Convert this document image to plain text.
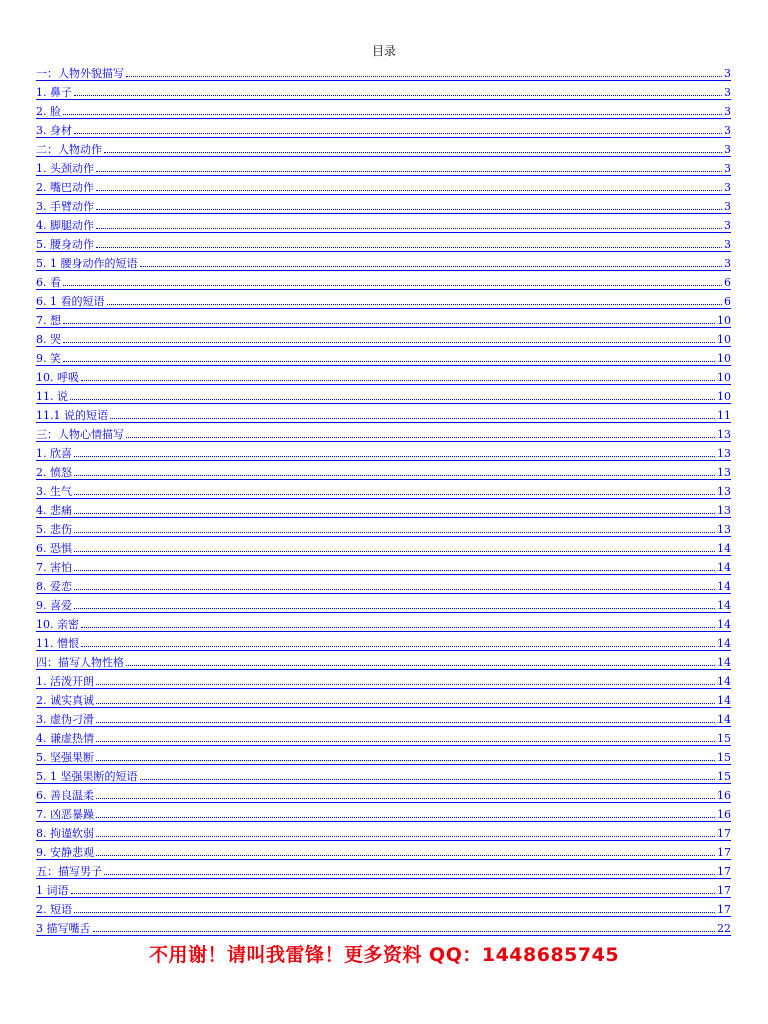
目录
一：人物外貌描写	3
1. 鼻子	3
2. 脸	3
3. 身材	3
二：人物动作	3
1. 头颈动作	3
2. 嘴巴动作	3
3. 手臂动作	3
4. 脚腿动作	3
5. 腰身动作	3
5. 1 腰身动作的短语	3
6. 看	6
6. 1 看的短语	6
7. 想	10
8. 哭	10
9. 笑	10
10. 呼吸	10
11. 说	10
11.1 说的短语	11
三：人物心情描写	13
1. 欣喜	13
2. 愤怒	13
3. 生气	13
4. 悲痛	13
5. 悲伤	13
6. 恐惧	14
7. 害怕	14
8. 爱恋	14
9. 喜爱	14
10. 亲密	14
11. 憎恨	14
四：描写人物性格	14
1. 活泼开朗	14
2. 诚实真诚	14
3. 虚伪刁滑	14
4. 谦虚热情	15
5. 坚强果断	15
5. 1 坚强果断的短语	15
6. 善良温柔	16
7. 凶恶暴躁	16
8. 拘谨软弱	17
9. 安静悲观	17
五：描写男子	17
1 词语	17
2. 短语	17
3 描写嘴舌	22
不用谢！请叫我雷锋！更多资料 QQ：1448685745
